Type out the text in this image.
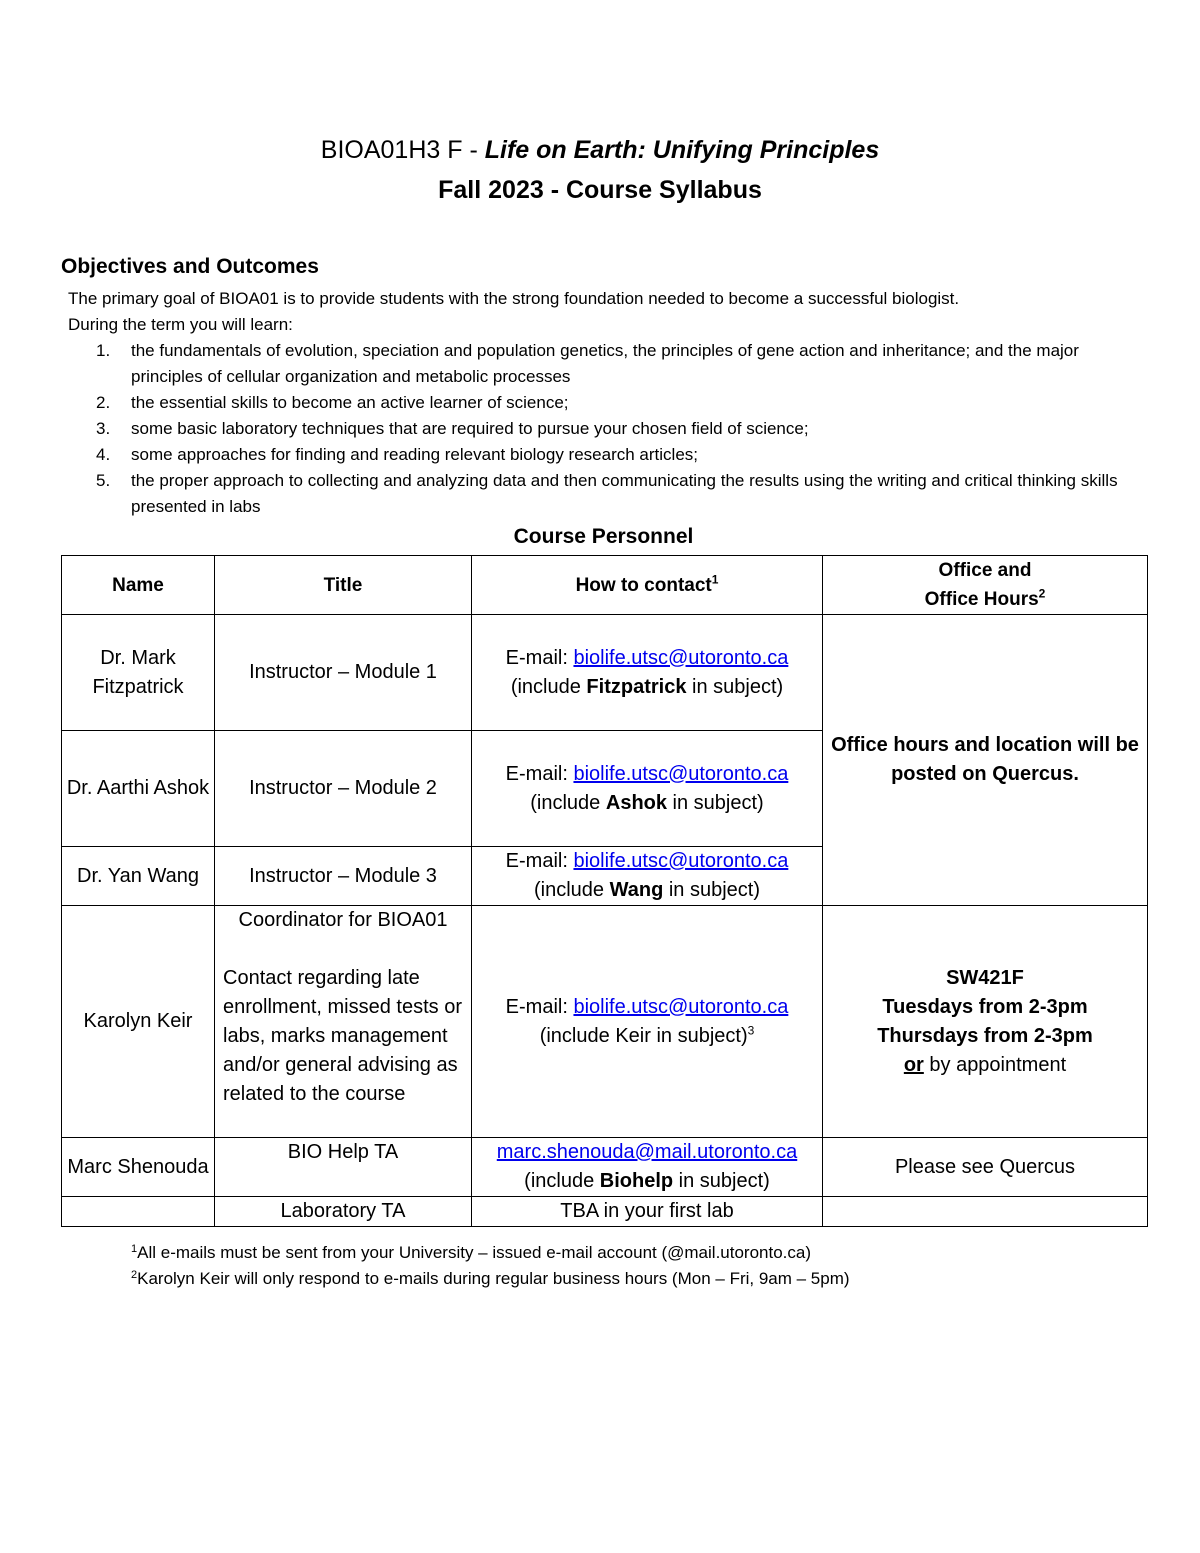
BIOA01H3 F - Life on Earth: Unifying Principles
Fall 2023 - Course Syllabus
Objectives and Outcomes
The primary goal of BIOA01 is to provide students with the strong foundation needed to become a successful biologist.
During the term you will learn:
1. the fundamentals of evolution, speciation and population genetics, the principles of gene action and inheritance; and the major principles of cellular organization and metabolic processes
2. the essential skills to become an active learner of science;
3. some basic laboratory techniques that are required to pursue your chosen field of science;
4. some approaches for finding and reading relevant biology research articles;
5. the proper approach to collecting and analyzing data and then communicating the results using the writing and critical thinking skills presented in labs
Course Personnel
Name	Title	How to contact$^1$	Office and
Office Hours$^2$
Dr. Mark Fitzpatrick	Instructor – Module 1	E-mail: biolife.utsc@utoronto.ca
(include Fitzpatrick in subject)	Office hours and location will be posted on Quercus.
Dr. Aarthi Ashok	Instructor – Module 2	E-mail: biolife.utsc@utoronto.ca
(include Ashok in subject)	
Dr. Yan Wang	Instructor – Module 3	E-mail: biolife.utsc@utoronto.ca
(include Wang in subject)	
Karolyn Keir	Coordinator for BIOA01

Contact regarding late enrollment, missed tests or labs, marks management and/or general advising as related to the course	E-mail: biolife.utsc@utoronto.ca
(include Keir in subject)$^3$	SW421F
Tuesdays from 2-3pm
Thursdays from 2-3pm
or by appointment
Marc Shenouda	BIO Help TA	marc.shenouda@mail.utoronto.ca
(include Biohelp in subject)	Please see Quercus
	Laboratory TA	TBA in your first lab	
$^1$All e-mails must be sent from your University – issued e-mail account (@mail.utoronto.ca)
$^2$Karolyn Keir will only respond to e-mails during regular business hours (Mon – Fri, 9am – 5pm)
